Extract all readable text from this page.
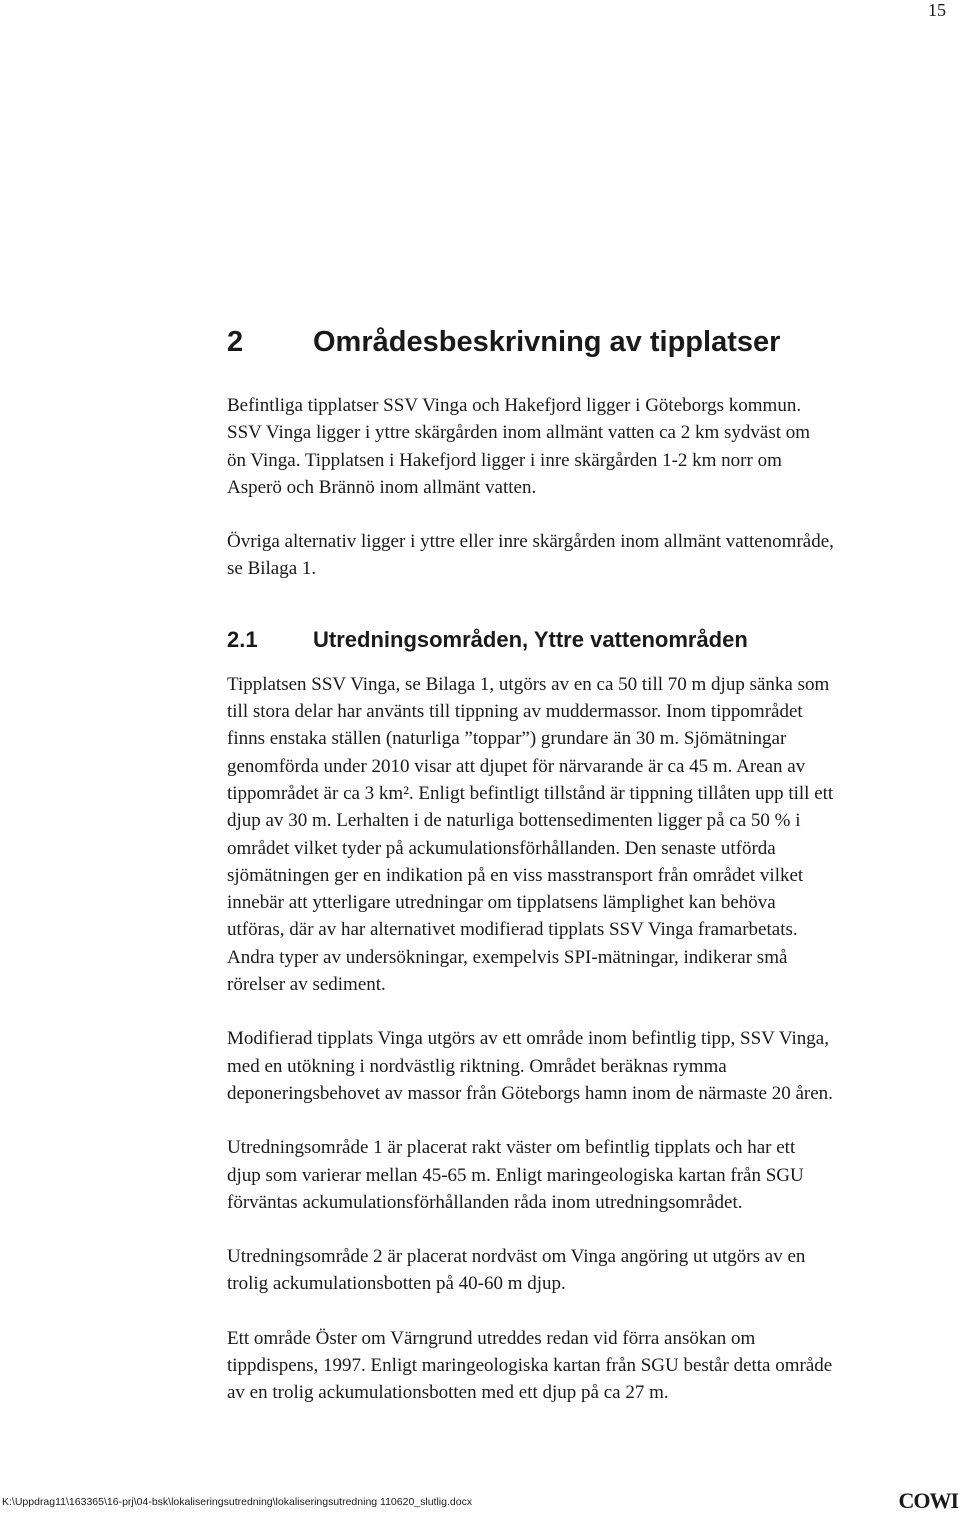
15
2 Områdesbeskrivning av tipplatser

Befintliga tipplatser SSV Vinga och Hakefjord ligger i Göteborgs kommun.
SSV Vinga ligger i yttre skärgården inom allmänt vatten ca 2 km sydväst om
ön Vinga. Tipplatsen i Hakefjord ligger i inre skärgården 1-2 km norr om
Asperö och Brännö inom allmänt vatten.

Övriga alternativ ligger i yttre eller inre skärgården inom allmänt vattenområde,
se Bilaga 1.

2.1	Utredningsområden, Yttre vattenområden

Tipplatsen SSV Vinga, se Bilaga 1, utgörs av en ca 50 till 70 m djup sänka som
till stora delar har använts till tippning av muddermassor. Inom tippområdet
finns enstaka ställen (naturliga ”toppar”) grundare än 30 m. Sjömätningar
genomförda under 2010 visar att djupet för närvarande är ca 45 m. Arean av
tippområdet är ca 3 km². Enligt befintligt tillstånd är tippning tillåten upp till ett
djup av 30 m. Lerhalten i de naturliga bottensedimenten ligger på ca 50 % i
området vilket tyder på ackumulationsförhållanden. Den senaste utförda
sjömätningen ger en indikation på en viss masstransport från området vilket
innebär att ytterligare utredningar om tipplatsens lämplighet kan behöva
utföras, där av har alternativet modifierad tipplats SSV Vinga framarbetats.
Andra typer av undersökningar, exempelvis SPI-mätningar, indikerar små
rörelser av sediment.

Modifierad tipplats Vinga utgörs av ett område inom befintlig tipp, SSV Vinga,
med en utökning i nordvästlig riktning. Området beräknas rymma
deponeringsbehovet av massor från Göteborgs hamn inom de närmaste 20 åren.

Utredningsområde 1 är placerat rakt väster om befintlig tipplats och har ett
djup som varierar mellan 45-65 m. Enligt maringeologiska kartan från SGU
förväntas ackumulationsförhållanden råda inom utredningsområdet.

Utredningsområde 2 är placerat nordväst om Vinga angöring ut utgörs av en
trolig ackumulationsbotten på 40-60 m djup.

Ett område Öster om Värngrund utreddes redan vid förra ansökan om
tippdispens, 1997. Enligt maringeologiska kartan från SGU består detta område
av en trolig ackumulationsbotten med ett djup på ca 27 m.

K:\Uppdrag11\163365\16-prj\04-bsk\lokaliseringsutredning\lokaliseringsutredning 110620_slutlig.docx	COWI
